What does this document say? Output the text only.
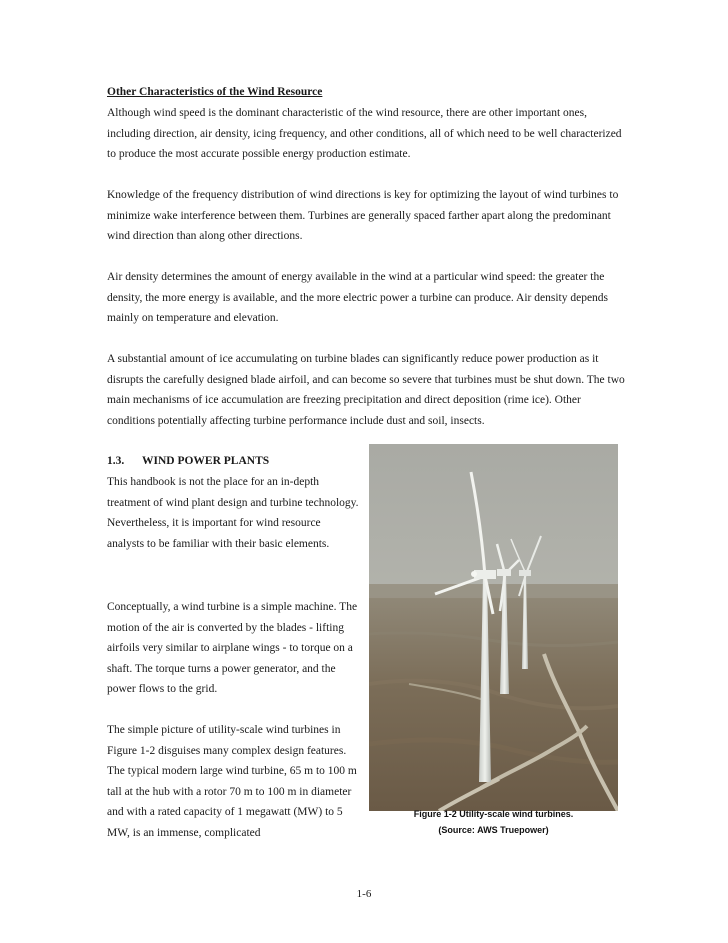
Other Characteristics of the Wind Resource

Although wind speed is the dominant characteristic of the wind resource, there are other important ones, including direction, air density, icing frequency, and other conditions, all of which need to be well characterized to produce the most accurate possible energy production estimate.

Knowledge of the frequency distribution of wind directions is key for optimizing the layout of wind turbines to minimize wake interference between them. Turbines are generally spaced farther apart along the predominant wind direction than along other directions.

Air density determines the amount of energy available in the wind at a particular wind speed: the greater the density, the more energy is available, and the more electric power a turbine can produce. Air density depends mainly on temperature and elevation.

A substantial amount of ice accumulating on turbine blades can significantly reduce power production as it disrupts the carefully designed blade airfoil, and can become so severe that turbines must be shut down. The two main mechanisms of ice accumulation are freezing precipitation and direct deposition (rime ice). Other conditions potentially affecting turbine performance include dust and soil, insects.

1.3. WIND POWER PLANTS

This handbook is not the place for an in-depth treatment of wind plant design and turbine technology. Nevertheless, it is important for wind resource analysts to be familiar with their basic elements.

Conceptually, a wind turbine is a simple machine. The motion of the air is converted by the blades - lifting airfoils very similar to airplane wings - to torque on a shaft. The torque turns a power generator, and the power flows to the grid.

The simple picture of utility-scale wind turbines in Figure 1-2 disguises many complex design features. The typical modern large wind turbine, 65 m to 100 m tall at the hub with a rotor 70 m to 100 m in diameter and with a rated capacity of 1 megawatt (MW) to 5 MW, is an immense, complicated

Figure 1-2 Utility-scale wind turbines.
(Source: AWS Truepower)
1-6
